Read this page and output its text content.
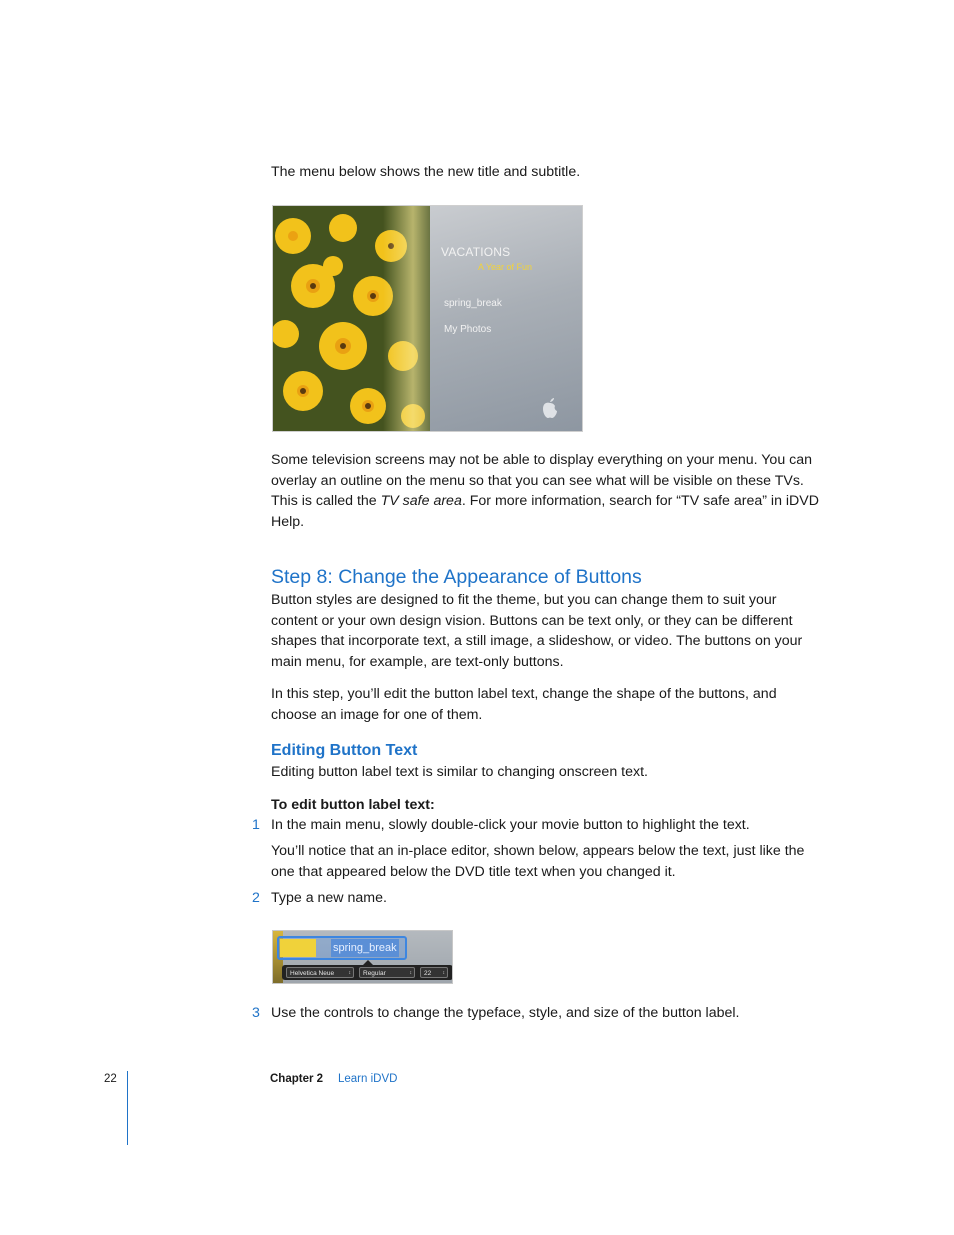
The menu below shows the new title and subtitle.

VACATIONS
A Year of Fun
spring_break
My Photos

Some television screens may not be able to display everything on your menu. You can

overlay an outline on the menu so that you can see what will be visible on these TVs.

This is called the TV safe area. For more information, search for “TV safe area” in iDVD

Help.

Step 8: Change the Appearance of Buttons

Button styles are designed to fit the theme, but you can change them to suit your

content or your own design vision. Buttons can be text only, or they can be different

shapes that incorporate text, a still image, a slideshow, or video. The buttons on your

main menu, for example, are text-only buttons.

In this step, you’ll edit the button label text, change the shape of the buttons, and

choose an image for one of them.

Editing Button Text

Editing button label text is similar to changing onscreen text.

To edit button label text:

1 In the main menu, slowly double-click your movie button to highlight the text.

You’ll notice that an in-place editor, shown below, appears below the text, just like the

one that appeared below the DVD title text when you changed it.

2 Type a new name.

spring_break
Helvetica Neue	↕	Regular	↕	22 ↕
3 Use the controls to change the typeface, style, and size of the button label.

22	Chapter 2 Learn iDVD
